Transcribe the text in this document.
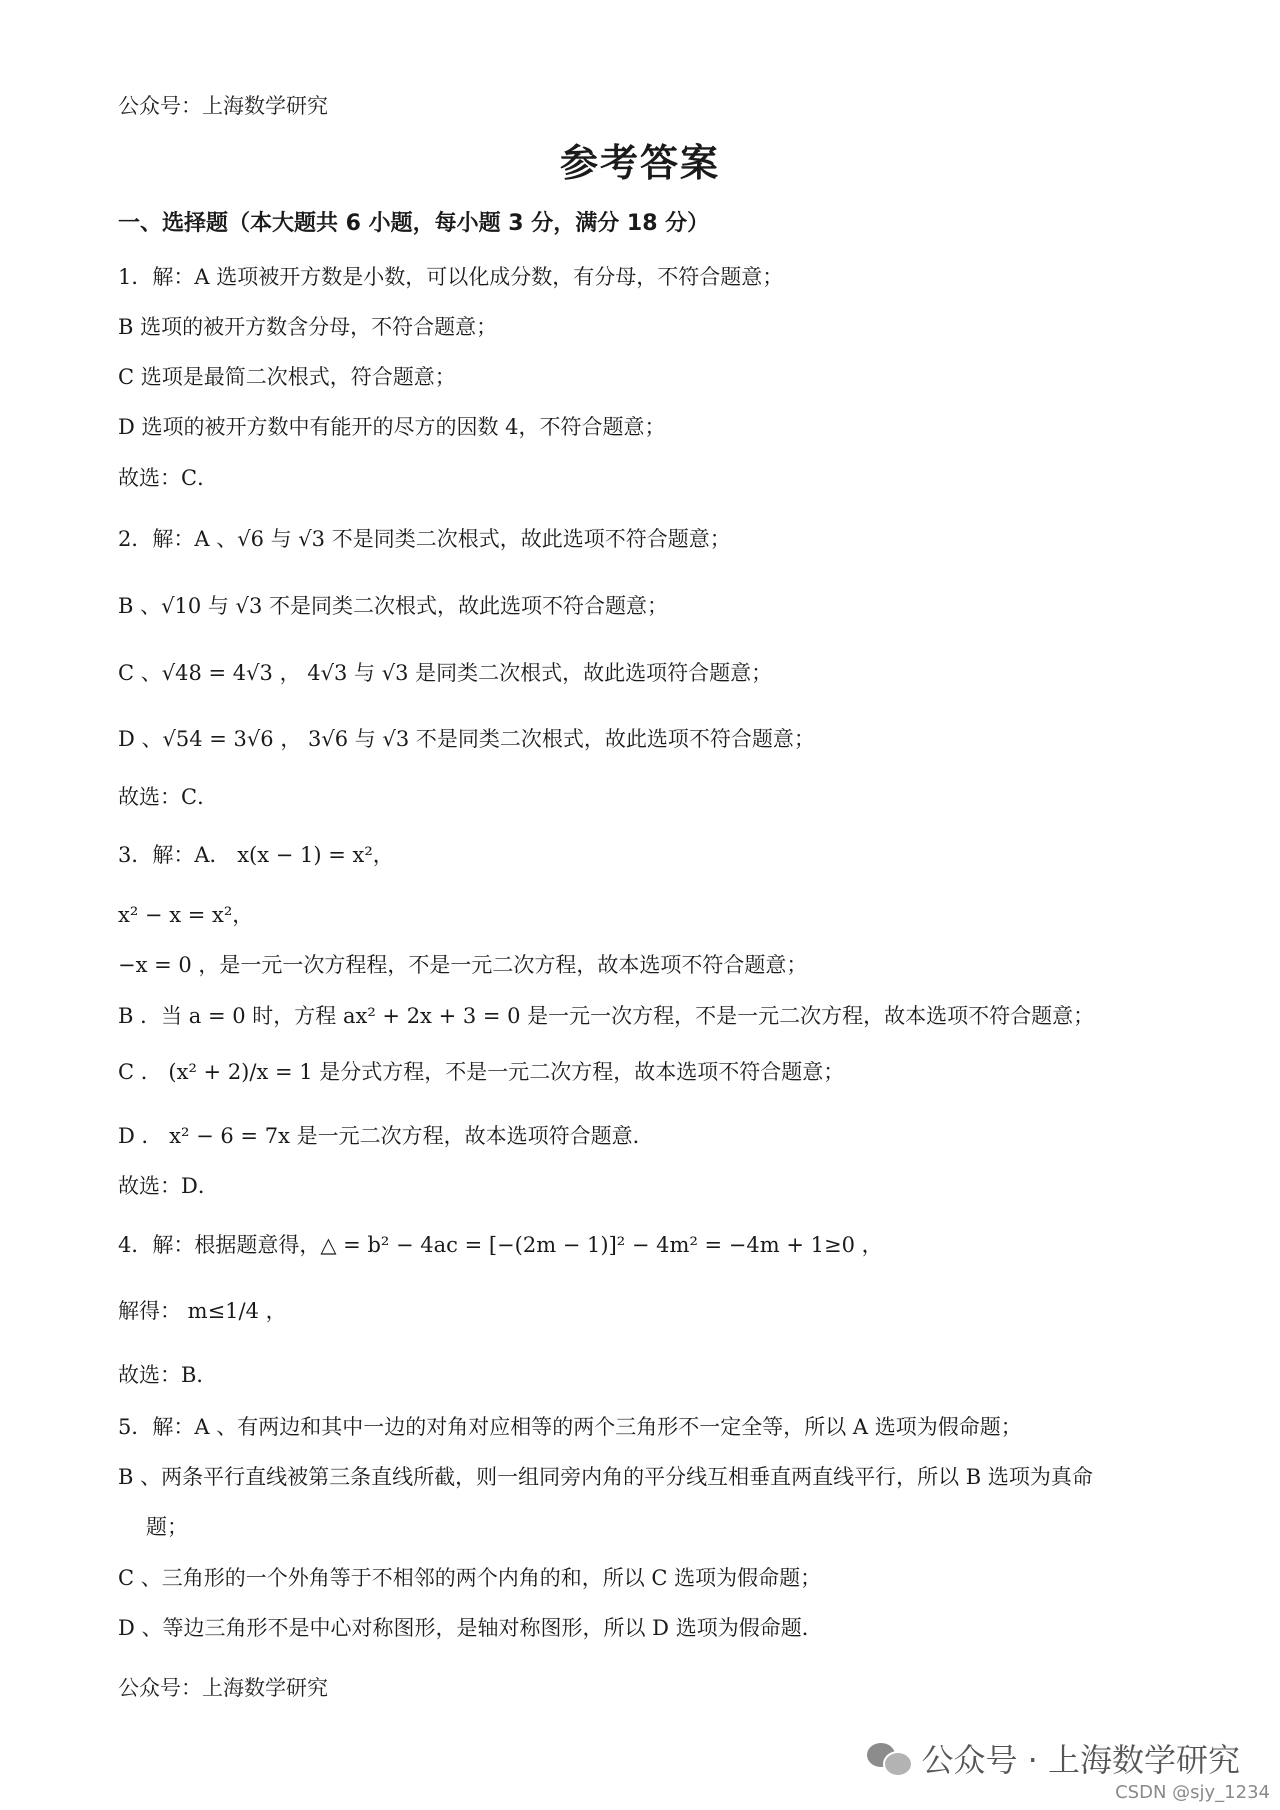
公众号：上海数学研究
参考答案
一、选择题（本大题共 6 小题，每小题 3 分，满分 18 分）
1．解：A 选项被开方数是小数，可以化成分数，有分母，不符合题意；
B 选项的被开方数含分母，不符合题意；
C 选项是最简二次根式，符合题意；
D 选项的被开方数中有能开的尽方的因数 4，不符合题意；
故选：C．
2．解：A 、√6 与 √3 不是同类二次根式，故此选项不符合题意；
B 、√10 与 √3 不是同类二次根式，故此选项不符合题意；
C 、√48 = 4√3 ， 4√3 与 √3 是同类二次根式，故此选项符合题意；
D 、√54 = 3√6 ， 3√6 与 √3 不是同类二次根式，故此选项不符合题意；
故选：C．
3．解：A． x(x − 1) = x²，
x² − x = x²，
−x = 0 ，是一元一次方程程，不是一元二次方程，故本选项不符合题意；
B ．当 a = 0 时，方程 ax² + 2x + 3 = 0 是一元一次方程，不是一元二次方程，故本选项不符合题意；
C ． (x² + 2)/x = 1 是分式方程，不是一元二次方程，故本选项不符合题意；
D ． x² − 6 = 7x 是一元二次方程，故本选项符合题意．
故选：D．
4．解：根据题意得，△ = b² − 4ac = [−(2m − 1)]² − 4m² = −4m + 1≥0 ，
解得： m≤1/4 ，
故选：B．
5．解：A 、有两边和其中一边的对角对应相等的两个三角形不一定全等，所以 A 选项为假命题；
B 、两条平行直线被第三条直线所截，则一组同旁内角的平分线互相垂直两直线平行，所以 B 选项为真命
题；
C 、三角形的一个外角等于不相邻的两个内角的和，所以 C 选项为假命题；
D 、等边三角形不是中心对称图形，是轴对称图形，所以 D 选项为假命题．
公众号：上海数学研究
公众号 · 上海数学研究
CSDN @sjy_1234
